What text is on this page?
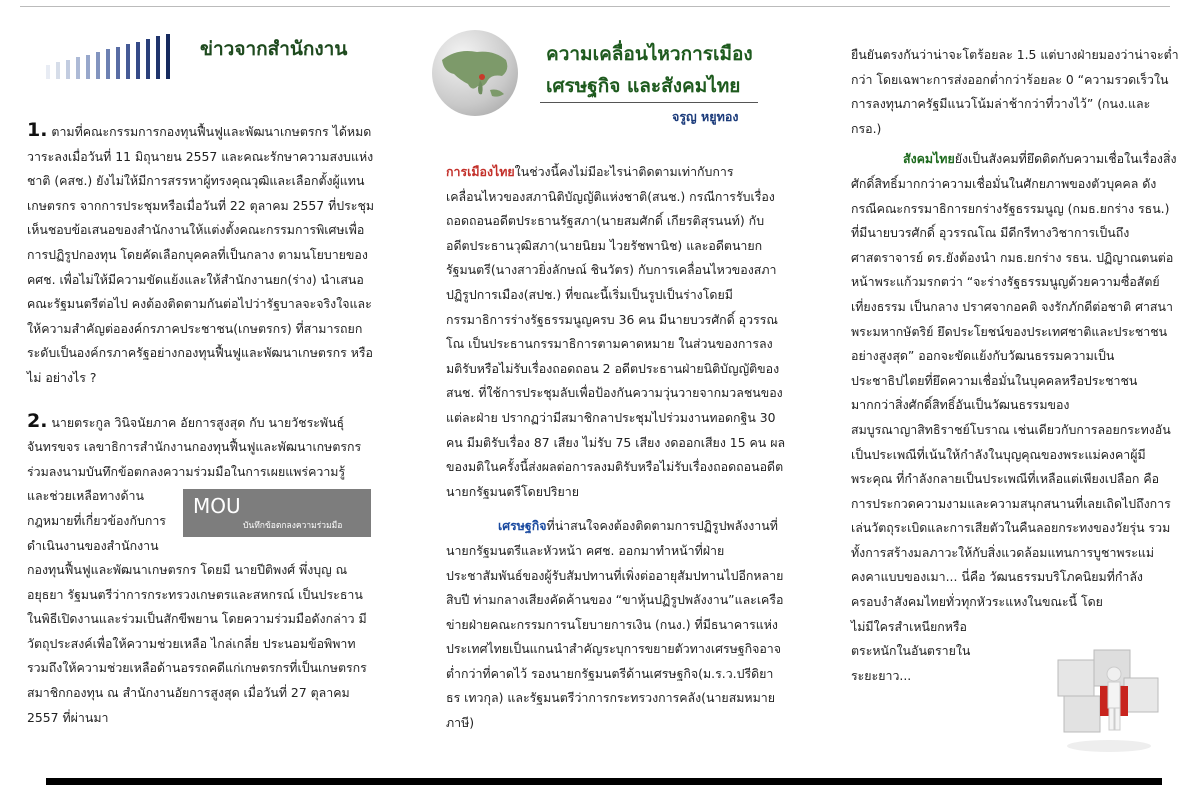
ข่าวจากสำนักงาน

1. ตามที่คณะกรรมการกองทุนฟื้นฟูและพัฒนาเกษตรกร ได้หมดวาระลงเมื่อวันที่ 11 มิถุนายน 2557 และคณะรักษาความสงบแห่งชาติ (คสช.) ยังไม่ให้มีการสรรหาผู้ทรงคุณวุฒิและเลือกตั้งผู้แทนเกษตรกร จากการประชุมหรือเมื่อวันที่ 22 ตุลาคม 2557 ที่ประชุมเห็นชอบข้อเสนอของสำนักงานให้แต่งตั้งคณะกรรมการพิเศษเพื่อการปฏิรูปกองทุน โดยคัดเลือกบุคคลที่เป็นกลาง ตามนโยบายของ คศช. เพื่อไม่ให้มีความขัดแย้งและให้สำนักงานยก(ร่าง) นำเสนอคณะรัฐมนตรีต่อไป คงต้องติดตามกันต่อไปว่ารัฐบาลจะจริงใจและให้ความสำคัญต่อองค์กรภาคประชาชน(เกษตรกร) ที่สามารถยกระดับเป็นองค์กรภาครัฐอย่างกองทุนฟื้นฟูและพัฒนาเกษตรกร หรือไม่ อย่างไร ?

2. นายตระกูล วินิจนัยภาค อัยการสูงสุด กับ นายวัชระพันธุ์ จันทรขจร เลขาธิการสำนักงานกองทุนฟื้นฟูและพัฒนาเกษตรกร ร่วมลงนามบันทึกข้อตกลงความร่วมมือในการเผยแพร่ความรู้

และช่วยเหลือทางด้าน

กฎหมายที่เกี่ยวข้องกับการ

ดำเนินงานของสำนักงาน

กองทุนฟื้นฟูและพัฒนาเกษตรกร โดยมี นายปีติพงศ์ พึ่งบุญ ณ อยุธยา รัฐมนตรีว่าการกระทรวงเกษตรและสหกรณ์ เป็นประธานในพิธีเปิดงานและร่วมเป็นสักขีพยาน โดยความร่วมมือดังกล่าว มีวัตถุประสงค์เพื่อให้ความช่วยเหลือ ไกล่เกลี่ย ประนอมข้อพิพาท รวมถึงให้ความช่วยเหลือด้านอรรถคดีแก่เกษตรกรที่เป็นเกษตรกรสมาชิกกองทุน ณ สำนักงานอัยการสูงสุด เมื่อวันที่ 27 ตุลาคม 2557 ที่ผ่านมา

MOU
บันทึกข้อตกลงความร่วมมือ
ความเคลื่อนไหวการเมือง
เศรษฐกิจ และสังคมไทย
จรูญ หยูทอง

การเมืองไทยในช่วงนี้คงไม่มีอะไรน่าติดตามเท่ากับการเคลื่อนไหวของสภานิติบัญญัติแห่งชาติ(สนช.) กรณีการรับเรื่องถอดถอนอดีตประธานรัฐสภา(นายสมศักดิ์ เกียรติสุรนนท์) กับอดีตประธานวุฒิสภา(นายนิยม ไวยรัชพานิช) และอดีตนายกรัฐมนตรี(นางสาวยิ่งลักษณ์ ชินวัตร) กับการเคลื่อนไหวของสภาปฏิรูปการเมือง(สปช.) ที่ขณะนี้เริ่มเป็นรูปเป็นร่างโดยมีกรรมาธิการร่างรัฐธรรมนูญครบ 36 คน มีนายบวรศักดิ์ อุวรรณโณ เป็นประธานกรรมาธิการตามคาดหมาย ในส่วนของการลงมติรับหรือไม่รับเรื่องถอดถอน 2 อดีตประธานฝ่ายนิติบัญญัติของ สนช. ที่ใช้การประชุมลับเพื่อป้องกันความวุ่นวายจากมวลชนของแต่ละฝ่าย ปรากฏว่ามีสมาชิกลาประชุมไปร่วมงานทอดกฐิน 30 คน มีมติรับเรื่อง 87 เสียง ไม่รับ 75 เสียง งดออกเสียง 15 คน ผลของมติในครั้งนี้ส่งผลต่อการลงมติรับหรือไม่รับเรื่องถอดถอนอดีตนายกรัฐมนตรีโดยปริยาย

เศรษฐกิจที่น่าสนใจคงต้องติดตามการปฏิรูปพลังงานที่นายกรัฐมนตรีและหัวหน้า คศช. ออกมาทำหน้าที่ฝ่ายประชาสัมพันธ์ของผู้รับสัมปทานที่เพิ่งต่ออายุสัมปทานไปอีกหลายสิบปี ท่ามกลางเสียงคัดค้านของ “ขาหุ้นปฏิรูปพลังงาน”และเครือข่ายฝ่ายคณะกรรมการนโยบายการเงิน (กนง.) ที่มีธนาคารแห่งประเทศไทยเป็นแกนนำสำคัญระบุการขยายตัวทางเศรษฐกิจอาจต่ำกว่าที่คาดไว้ รองนายกรัฐมนตรีด้านเศรษฐกิจ(ม.ร.ว.ปรีดิยาธร เทวกุล) และรัฐมนตรีว่าการกระทรวงการคลัง(นายสมหมาย ภาษี)

ยืนยันตรงกันว่าน่าจะโตร้อยละ 1.5 แต่บางฝ่ายมองว่าน่าจะต่ำกว่า โดยเฉพาะการส่งออกต่ำกว่าร้อยละ 0 “ความรวดเร็วในการลงทุนภาครัฐมีแนวโน้มล่าช้ากว่าที่วางไว้” (กนง.และ กรอ.)

สังคมไทยยังเป็นสังคมที่ยึดติดกับความเชื่อในเรื่องสิ่งศักดิ์สิทธิ์มากกว่าความเชื่อมั่นในศักยภาพของตัวบุคคล ดังกรณีคณะกรรมาธิการยกร่างรัฐธรรมนูญ (กมธ.ยกร่าง รธน.) ที่มีนายบวรศักดิ์ อุวรรณโณ มีดีกรีทางวิชาการเป็นถึงศาสตราจารย์ ดร.ยังต้องนำ กมธ.ยกร่าง รธน. ปฏิญาณตนต่อหน้าพระแก้วมรกตว่า “จะร่างรัฐธรรมนูญด้วยความซื่อสัตย์ เที่ยงธรรม เป็นกลาง ปราศจากอคติ จงรักภักดีต่อชาติ ศาสนา พระมหากษัตริย์ ยึดประโยชน์ของประเทศชาติและประชาชนอย่างสูงสุด” ออกจะขัดแย้งกับวัฒนธรรมความเป็นประชาธิปไตยที่ยึดความเชื่อมั่นในบุคคลหรือประชาชนมากกว่าสิ่งศักดิ์สิทธิ์อันเป็นวัฒนธรรมของสมบูรณาญาสิทธิราชย์โบราณ เช่นเดียวกับการลอยกระทงอันเป็นประเพณีที่เน้นให้กำลังในบุญคุณของพระแม่คงคาผู้มีพระคุณ ที่กำลังกลายเป็นประเพณีที่เหลือแต่เพียงเปลือก คือ การประกวดความงามและความสนุกสนานที่เลยเถิดไปถึงการเล่นวัตถุระเบิดและการเสียตัวในคืนลอยกระทงของวัยรุ่น รวมทั้งการสร้างมลภาวะให้กับสิ่งแวดล้อมแทนการบูชาพระแม่คงคาแบบของเมา... นี่คือ วัฒนธรรมบริโภคนิยมที่กำลังครอบงำสังคมไทยทั่วทุกหัวระแหงในขณะนี้ โดย

ไม่มีใครสำเหนียกหรือ

ตระหนักในอันตรายใน

ระยะยาว...
